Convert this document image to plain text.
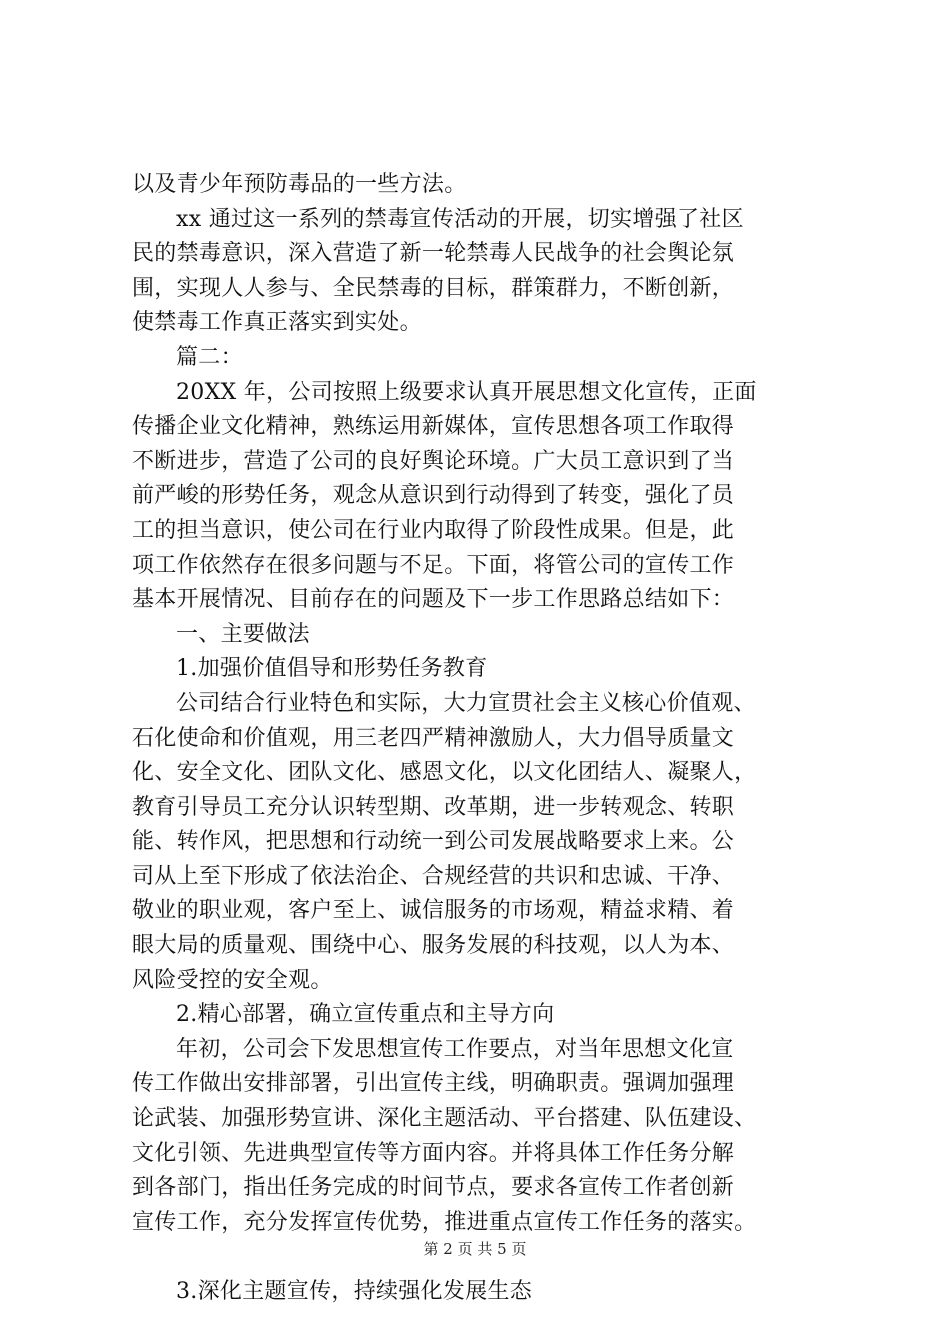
以及青少年预防毒品的一些方法。
xx 通过这一系列的禁毒宣传活动的开展，切实增强了社区
民的禁毒意识，深入营造了新一轮禁毒人民战争的社会舆论氛
围，实现人人参与、全民禁毒的目标，群策群力，不断创新，
使禁毒工作真正落实到实处。
篇二：
20XX 年，公司按照上级要求认真开展思想文化宣传，正面
传播企业文化精神，熟练运用新媒体，宣传思想各项工作取得
不断进步，营造了公司的良好舆论环境。广大员工意识到了当
前严峻的形势任务，观念从意识到行动得到了转变，强化了员
工的担当意识，使公司在行业内取得了阶段性成果。但是，此
项工作依然存在很多问题与不足。下面，将管公司的宣传工作
基本开展情况、目前存在的问题及下一步工作思路总结如下：
一、主要做法
1.加强价值倡导和形势任务教育
公司结合行业特色和实际，大力宣贯社会主义核心价值观、
石化使命和价值观，用三老四严精神激励人，大力倡导质量文
化、安全文化、团队文化、感恩文化，以文化团结人、凝聚人，
教育引导员工充分认识转型期、改革期，进一步转观念、转职
能、转作风，把思想和行动统一到公司发展战略要求上来。公
司从上至下形成了依法治企、合规经营的共识和忠诚、干净、
敬业的职业观，客户至上、诚信服务的市场观，精益求精、着
眼大局的质量观、围绕中心、服务发展的科技观，以人为本、
风险受控的安全观。
2.精心部署，确立宣传重点和主导方向
年初，公司会下发思想宣传工作要点，对当年思想文化宣
传工作做出安排部署，引出宣传主线，明确职责。强调加强理
论武装、加强形势宣讲、深化主题活动、平台搭建、队伍建设、
文化引领、先进典型宣传等方面内容。并将具体工作任务分解
到各部门，指出任务完成的时间节点，要求各宣传工作者创新
宣传工作，充分发挥宣传优势，推进重点宣传工作任务的落实。
3.深化主题宣传，持续强化发展生态
第 2 页 共 5 页
